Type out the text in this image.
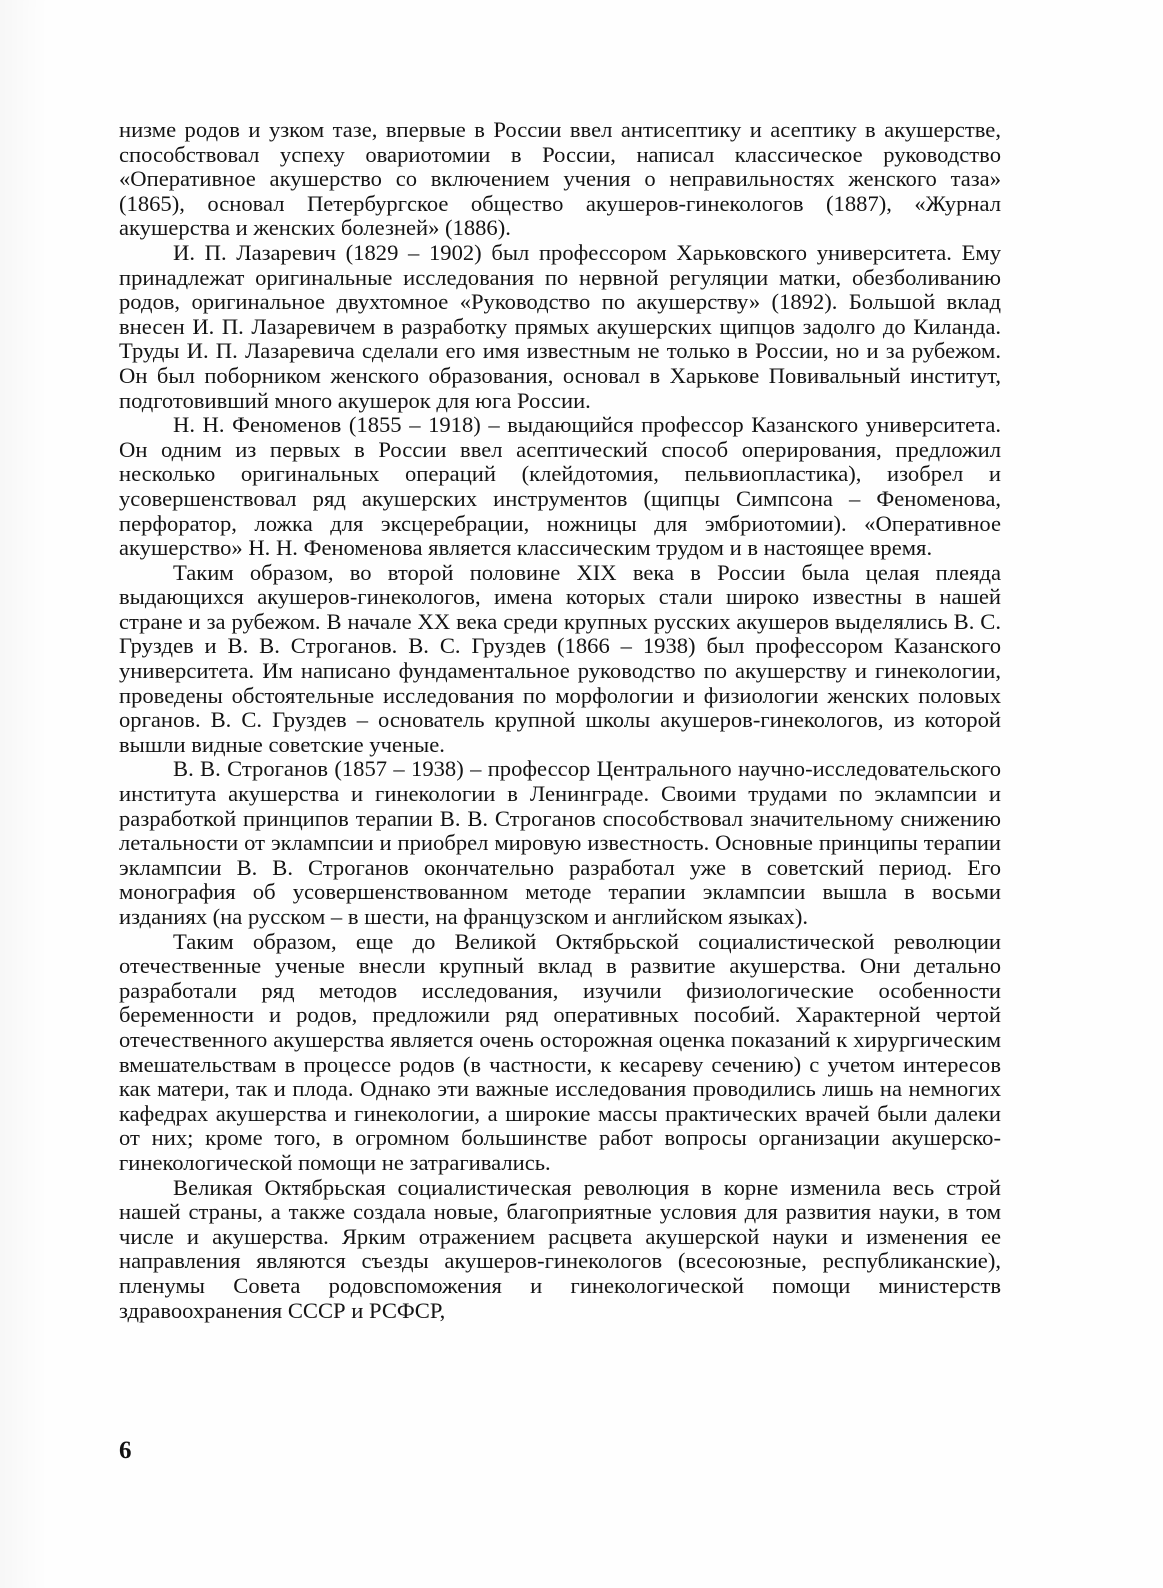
низме родов и узком тазе, впервые в России ввел антисептику и асептику в акушерстве, способствовал успеху овариотомии в России, написал классическое руководство «Оперативное акушерство со включением учения о неправильностях женского таза» (1865), основал Петербургское общество акушеров-гинекологов (1887), «Журнал акушерства и женских болезней» (1886).

И. П. Лазаревич (1829 – 1902) был профессором Харьковского университета. Ему принадлежат оригинальные исследования по нервной регуляции матки, обезболиванию родов, оригинальное двухтомное «Руководство по акушерству» (1892). Большой вклад внесен И. П. Лазаревичем в разработку прямых акушерских щипцов задолго до Киланда. Труды И. П. Лазаревича сделали его имя известным не только в России, но и за рубежом. Он был поборником женского образования, основал в Харькове Повивальный институт, подготовивший много акушерок для юга России.

Н. Н. Феноменов (1855 – 1918) – выдающийся профессор Казанского университета. Он одним из первых в России ввел асептический способ оперирования, предложил несколько оригинальных операций (клейдотомия, пельвиопластика), изобрел и усовершенствовал ряд акушерских инструментов (щипцы Симпсона – Феноменова, перфоратор, ложка для эксцеребрации, ножницы для эмбриотомии). «Оперативное акушерство» Н. Н. Феноменова является классическим трудом и в настоящее время.

Таким образом, во второй половине XIX века в России была целая плеяда выдающихся акушеров-гинекологов, имена которых стали широко известны в нашей стране и за рубежом. В начале XX века среди крупных русских акушеров выделялись В. С. Груздев и В. В. Строганов. В. С. Груздев (1866 – 1938) был профессором Казанского университета. Им написано фундаментальное руководство по акушерству и гинекологии, проведены обстоятельные исследования по морфологии и физиологии женских половых органов. В. С. Груздев – основатель крупной школы акушеров-гинекологов, из которой вышли видные советские ученые.

В. В. Строганов (1857 – 1938) – профессор Центрального научно-исследовательского института акушерства и гинекологии в Ленинграде. Своими трудами по эклампсии и разработкой принципов терапии В. В. Строганов способствовал значительному снижению летальности от эклампсии и приобрел мировую известность. Основные принципы терапии эклампсии В. В. Строганов окончательно разработал уже в советский период. Его монография об усовершенствованном методе терапии эклампсии вышла в восьми изданиях (на русском – в шести, на французском и английском языках).

Таким образом, еще до Великой Октябрьской социалистической революции отечественные ученые внесли крупный вклад в развитие акушерства. Они детально разработали ряд методов исследования, изучили физиологические особенности беременности и родов, предложили ряд оперативных пособий. Характерной чертой отечественного акушерства является очень осторожная оценка показаний к хирургическим вмешательствам в процессе родов (в частности, к кесареву сечению) с учетом интересов как матери, так и плода. Однако эти важные исследования проводились лишь на немногих кафедрах акушерства и гинекологии, а широкие массы практических врачей были далеки от них; кроме того, в огромном большинстве работ вопросы организации акушерско-гинекологической помощи не затрагивались.

Великая Октябрьская социалистическая революция в корне изменила весь строй нашей страны, а также создала новые, благоприятные условия для развития науки, в том числе и акушерства. Ярким отражением расцвета акушерской науки и изменения ее направления являются съезды акушеров-гинекологов (всесоюзные, республиканские), пленумы Совета родовспоможения и гинекологической помощи министерств здравоохранения СССР и РСФСР,

6
